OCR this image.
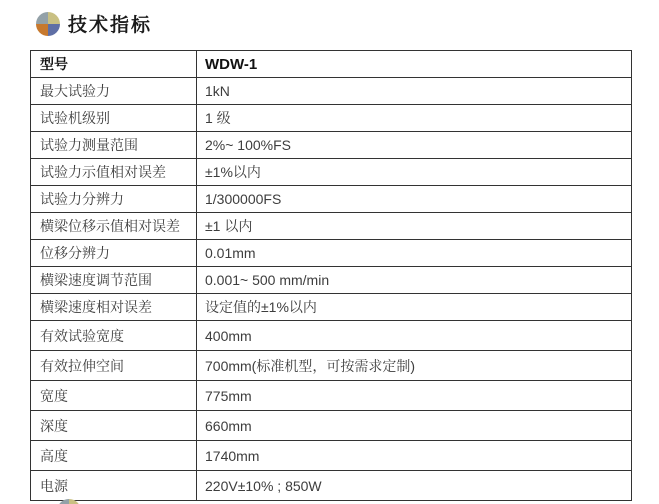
技术指标
型号	WDW-1
最大试验力	1kN
试验机级别	1 级
试验力测量范围	2%~ 100%FS
试验力示值相对误差	±1%以内
试验力分辨力	1/300000FS
横梁位移示值相对误差	±1 以内
位移分辨力	0.01mm
横梁速度调节范围	0.001~ 500 mm/min
横梁速度相对误差	设定值的±1%以内
有效试验宽度	400mm
有效拉伸空间	700mm(标准机型，可按需求定制)
宽度	775mm
深度	660mm
高度	1740mm
电源	220V±10% ; 850W
